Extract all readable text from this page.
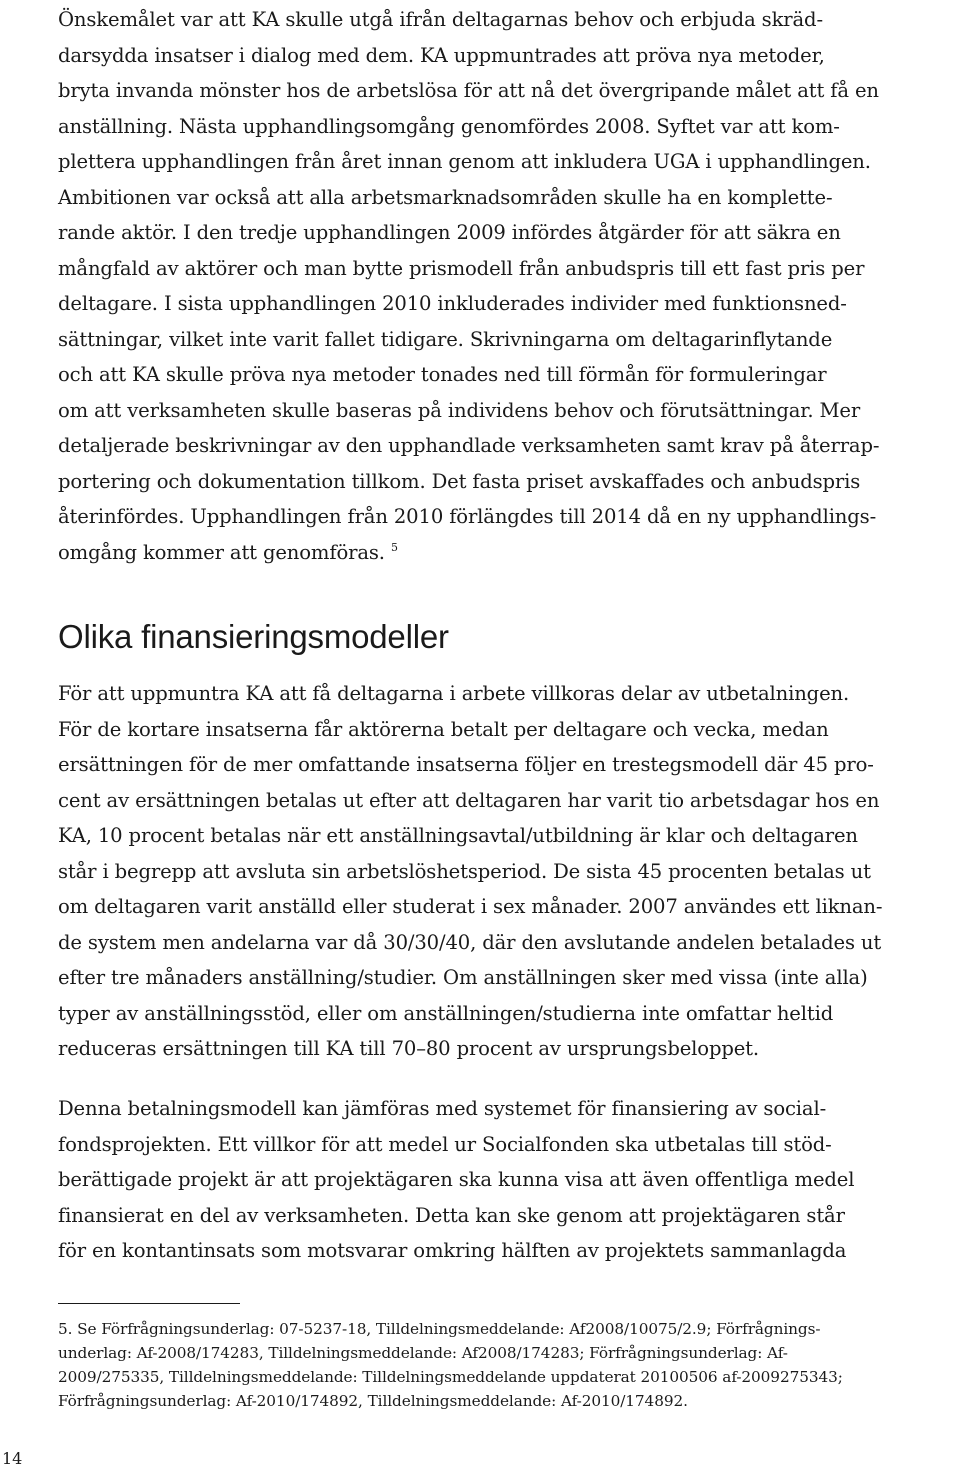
Önskemålet var att KA skulle utgå ifrån deltagarnas behov och erbjuda skräd-
darsydda insatser i dialog med dem. KA uppmuntrades att pröva nya metoder,
bryta invanda mönster hos de arbetslösa för att nå det övergripande målet att få en
anställning. Nästa upphandlingsomgång genomfördes 2008. Syftet var att kom-
plettera upphandlingen från året innan genom att inkludera UGA i upphandlingen.
Ambitionen var också att alla arbetsmarknadsområden skulle ha en komplette-
rande aktör. I den tredje upphandlingen 2009 infördes åtgärder för att säkra en
mångfald av aktörer och man bytte prismodell från anbudspris till ett fast pris per
deltagare. I sista upphandlingen 2010 inkluderades individer med funktionsned-
sättningar, vilket inte varit fallet tidigare. Skrivningarna om deltagarinflytande
och att KA skulle pröva nya metoder tonades ned till förmån för formuleringar
om att verksamheten skulle baseras på individens behov och förutsättningar. Mer
detaljerade beskrivningar av den upphandlade verksamheten samt krav på återrap-
portering och dokumentation tillkom. Det fasta priset avskaffades och anbudspris
återinfördes. Upphandlingen från 2010 förlängdes till 2014 då en ny upphandlings-
omgång kommer att genomföras. $^5$
Olika finansieringsmodeller
För att uppmuntra KA att få deltagarna i arbete villkoras delar av utbetalningen.
För de kortare insatserna får aktörerna betalt per deltagare och vecka, medan
ersättningen för de mer omfattande insatserna följer en trestegsmodell där 45 pro-
cent av ersättningen betalas ut efter att deltagaren har varit tio arbetsdagar hos en
KA, 10 procent betalas när ett anställningsavtal/utbildning är klar och deltagaren
står i begrepp att avsluta sin arbetslöshetsperiod. De sista 45 procenten betalas ut
om deltagaren varit anställd eller studerat i sex månader. 2007 användes ett liknan-
de system men andelarna var då 30/30/40, där den avslutande andelen betalades ut
efter tre månaders anställning/studier. Om anställningen sker med vissa (inte alla)
typer av anställningsstöd, eller om anställningen/studierna inte omfattar heltid
reduceras ersättningen till KA till 70–80 procent av ursprungsbeloppet.
Denna betalningsmodell kan jämföras med systemet för finansiering av social-
fondsprojekten. Ett villkor för att medel ur Socialfonden ska utbetalas till stöd-
berättigade projekt är att projektägaren ska kunna visa att även offentliga medel
finansierat en del av verksamheten. Detta kan ske genom att projektägaren står
för en kontantinsats som motsvarar omkring hälften av projektets sammanlagda
5. Se Förfrågningsunderlag: 07-5237-18, Tilldelningsmeddelande: Af2008/10075/2.9; Förfrågnings-
underlag: Af-2008/174283, Tilldelningsmeddelande: Af2008/174283; Förfrågningsunderlag: Af-
2009/275335, Tilldelningsmeddelande: Tilldelningsmeddelande uppdaterat 20100506 af-2009275343;
Förfrågningsunderlag: Af-2010/174892, Tilldelningsmeddelande: Af-2010/174892.
14
